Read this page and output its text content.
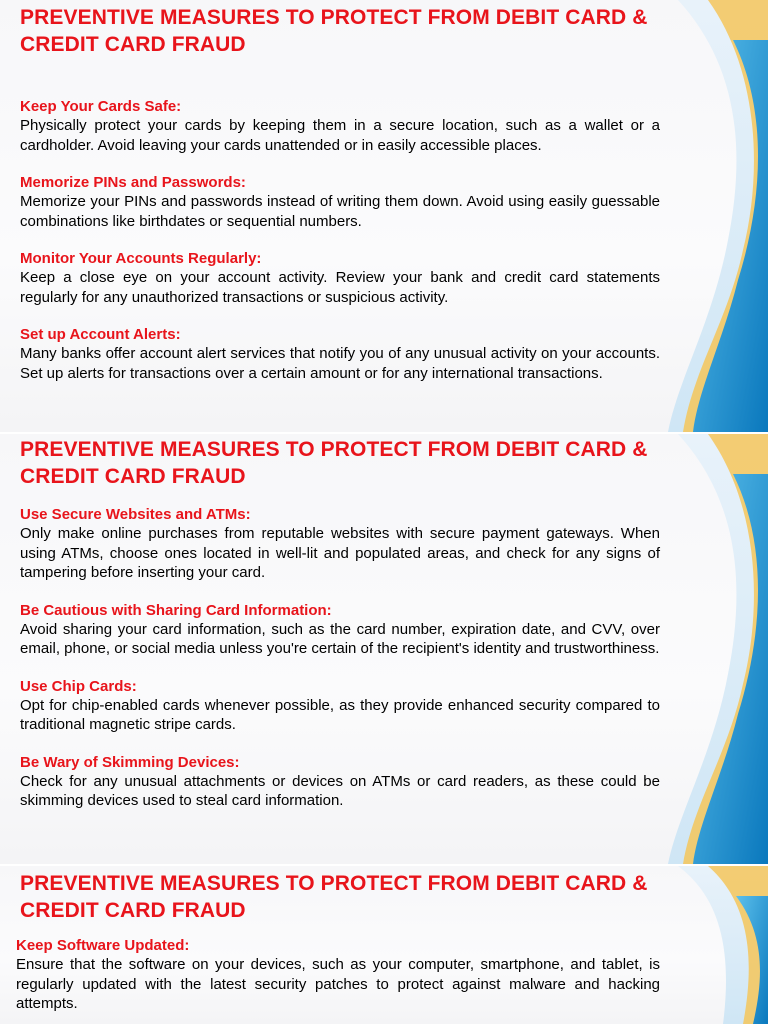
PREVENTIVE MEASURES TO PROTECT FROM DEBIT CARD & CREDIT CARD FRAUD

Keep Your Cards Safe:

Physically protect your cards by keeping them in a secure location, such as a wallet or a cardholder. Avoid leaving your cards unattended or in easily accessible places.

Memorize PINs and Passwords:

Memorize your PINs and passwords instead of writing them down. Avoid using easily guessable combinations like birthdates or sequential numbers.

Monitor Your Accounts Regularly:

Keep a close eye on your account activity. Review your bank and credit card statements regularly for any unauthorized transactions or suspicious activity.

Set up Account Alerts:

Many banks offer account alert services that notify you of any unusual activity on your accounts. Set up alerts for transactions over a certain amount or for any international transactions.

PREVENTIVE MEASURES TO PROTECT FROM DEBIT CARD & CREDIT CARD FRAUD

Use Secure Websites and ATMs:

Only make online purchases from reputable websites with secure payment gateways. When using ATMs, choose ones located in well-lit and populated areas, and check for any signs of tampering before inserting your card.

Be Cautious with Sharing Card Information:

Avoid sharing your card information, such as the card number, expiration date, and CVV, over email, phone, or social media unless you're certain of the recipient's identity and trustworthiness.

Use Chip Cards:

Opt for chip-enabled cards whenever possible, as they provide enhanced security compared to traditional magnetic stripe cards.

Be Wary of Skimming Devices:

Check for any unusual attachments or devices on ATMs or card readers, as these could be skimming devices used to steal card information.

PREVENTIVE MEASURES TO PROTECT FROM DEBIT CARD & CREDIT CARD FRAUD

Keep Software Updated:

Ensure that the software on your devices, such as your computer, smartphone, and tablet, is regularly updated with the latest security patches to protect against malware and hacking attempts.
